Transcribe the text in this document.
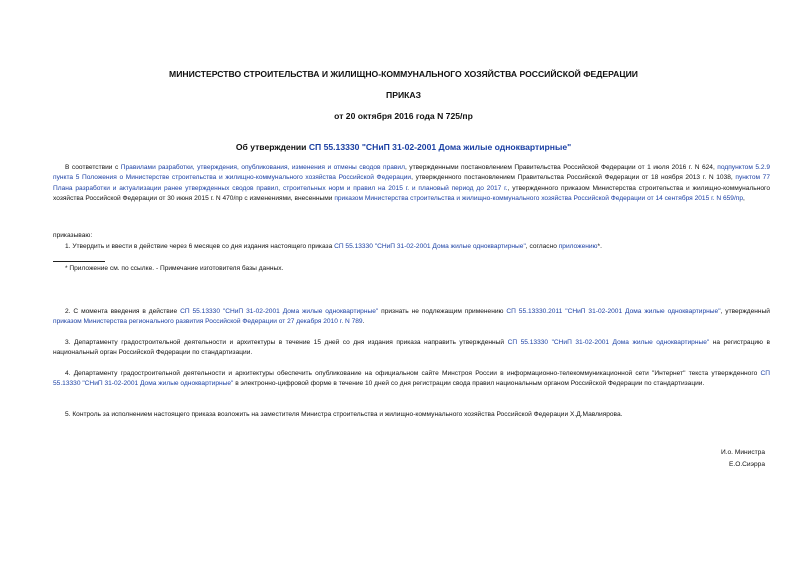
МИНИСТЕРСТВО СТРОИТЕЛЬСТВА И ЖИЛИЩНО-КОММУНАЛЬНОГО ХОЗЯЙСТВА РОССИЙСКОЙ ФЕДЕРАЦИИ
ПРИКАЗ
от 20 октября 2016 года N 725/пр
Об утверждении СП 55.13330 "СНиП 31-02-2001 Дома жилые одноквартирные"
В соответствии с Правилами разработки, утверждения, опубликования, изменения и отмены сводов правил, утвержденными постановлением Правительства Российской Федерации от 1 июля 2016 г. N 624, подпунктом 5.2.9 пункта 5 Положения о Министерстве строительства и жилищно-коммунального хозяйства Российской Федерации, утвержденного постановлением Правительства Российской Федерации от 18 ноября 2013 г. N 1038, пунктом 77 Плана разработки и актуализации ранее утвержденных сводов правил, строительных норм и правил на 2015 г. и плановый период до 2017 г., утвержденного приказом Министерства строительства и жилищно-коммунального хозяйства Российской Федерации от 30 июня 2015 г. N 470/пр с изменениями, внесенными приказом Министерства строительства и жилищно-коммунального хозяйства Российской Федерации от 14 сентября 2015 г. N 659/пр,
приказываю:
1. Утвердить и ввести в действие через 6 месяцев со дня издания настоящего приказа СП 55.13330 "СНиП 31-02-2001 Дома жилые одноквартирные", согласно приложению*.
* Приложение см. по ссылке. - Примечание изготовителя базы данных.
2. С момента введения в действие СП 55.13330 "СНиП 31-02-2001 Дома жилые одноквартирные" признать не подлежащим применению СП 55.13330.2011 "СНиП 31-02-2001 Дома жилые одноквартирные", утвержденный приказом Министерства регионального развития Российской Федерации от 27 декабря 2010 г. N 789.
3. Департаменту градостроительной деятельности и архитектуры в течение 15 дней со дня издания приказа направить утвержденный СП 55.13330 "СНиП 31-02-2001 Дома жилые одноквартирные" на регистрацию в национальный орган Российской Федерации по стандартизации.
4. Департаменту градостроительной деятельности и архитектуры обеспечить опубликование на официальном сайте Минстроя России в информационно-телекоммуникационной сети "Интернет" текста утвержденного СП 55.13330 "СНиП 31-02-2001 Дома жилые одноквартирные" в электронно-цифровой форме в течение 10 дней со дня регистрации свода правил национальным органом Российской Федерации по стандартизации.
5. Контроль за исполнением настоящего приказа возложить на заместителя Министра строительства и жилищно-коммунального хозяйства Российской Федерации Х.Д.Мавлиярова.
И.о. Министра
Е.О.Сиэрра
